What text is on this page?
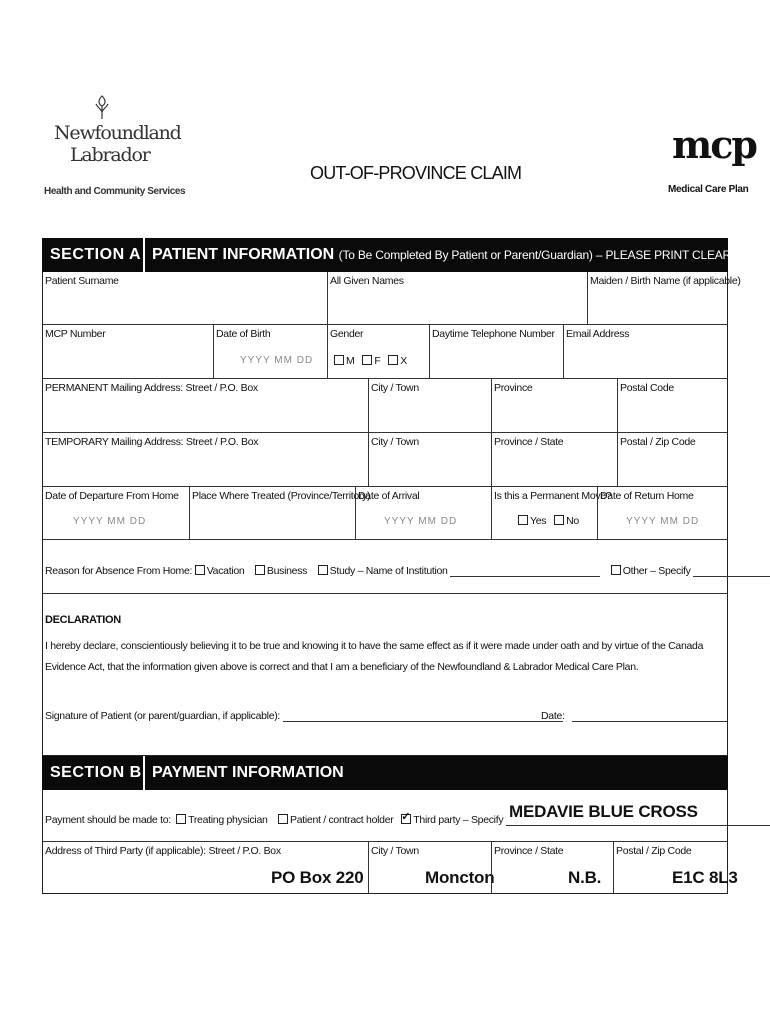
Newfoundland
Labrador
Health and Community Services
OUT-OF-PROVINCE CLAIM
mcp
Medical Care Plan
SECTION A PATIENT INFORMATION (To Be Completed By Patient or Parent/Guardian) – PLEASE PRINT CLEARLY
Patient Surname	All Given Names	Maiden / Birth Name (if applicable)
MCP Number	Date of Birth
YYYY MM DD
Gender
M F X
Daytime Telephone Number Email Address
PERMANENT Mailing Address: Street / P.O. Box	City / Town	Province	Postal Code
TEMPORARY Mailing Address: Street / P.O. Box	City / Town	Province / State	Postal / Zip Code
Date of Departure From Home
YYYY MM DD
Place Where Treated (Province/Territory)
Date of Arrival
YYYY MM DD
Is this a Permanent Move?
Yes No
Date of Return Home
YYYY MM DD
Reason for Absence From Home: Vacation Business Study – Name of Institution	Other – Specify
DECLARATION
I hereby declare, conscientiously believing it to be true and knowing it to have the same effect as if it were made under oath and by virtue of the Canada Evidence Act, that the information given above is correct and that I am a beneficiary of the Newfoundland & Labrador Medical Care Plan.
Signature of Patient (or parent/guardian, if applicable):	Date:
SECTION B PAYMENT INFORMATION
Payment should be made to: Treating physician Patient / contract holder   ✓ Third party – Specify MEDAVIE BLUE CROSS
Address of Third Party (if applicable): Street / P.O. Box
PO Box 220
City / Town
Moncton
Province / State
N.B.
Postal / Zip Code
E1C 8L3
